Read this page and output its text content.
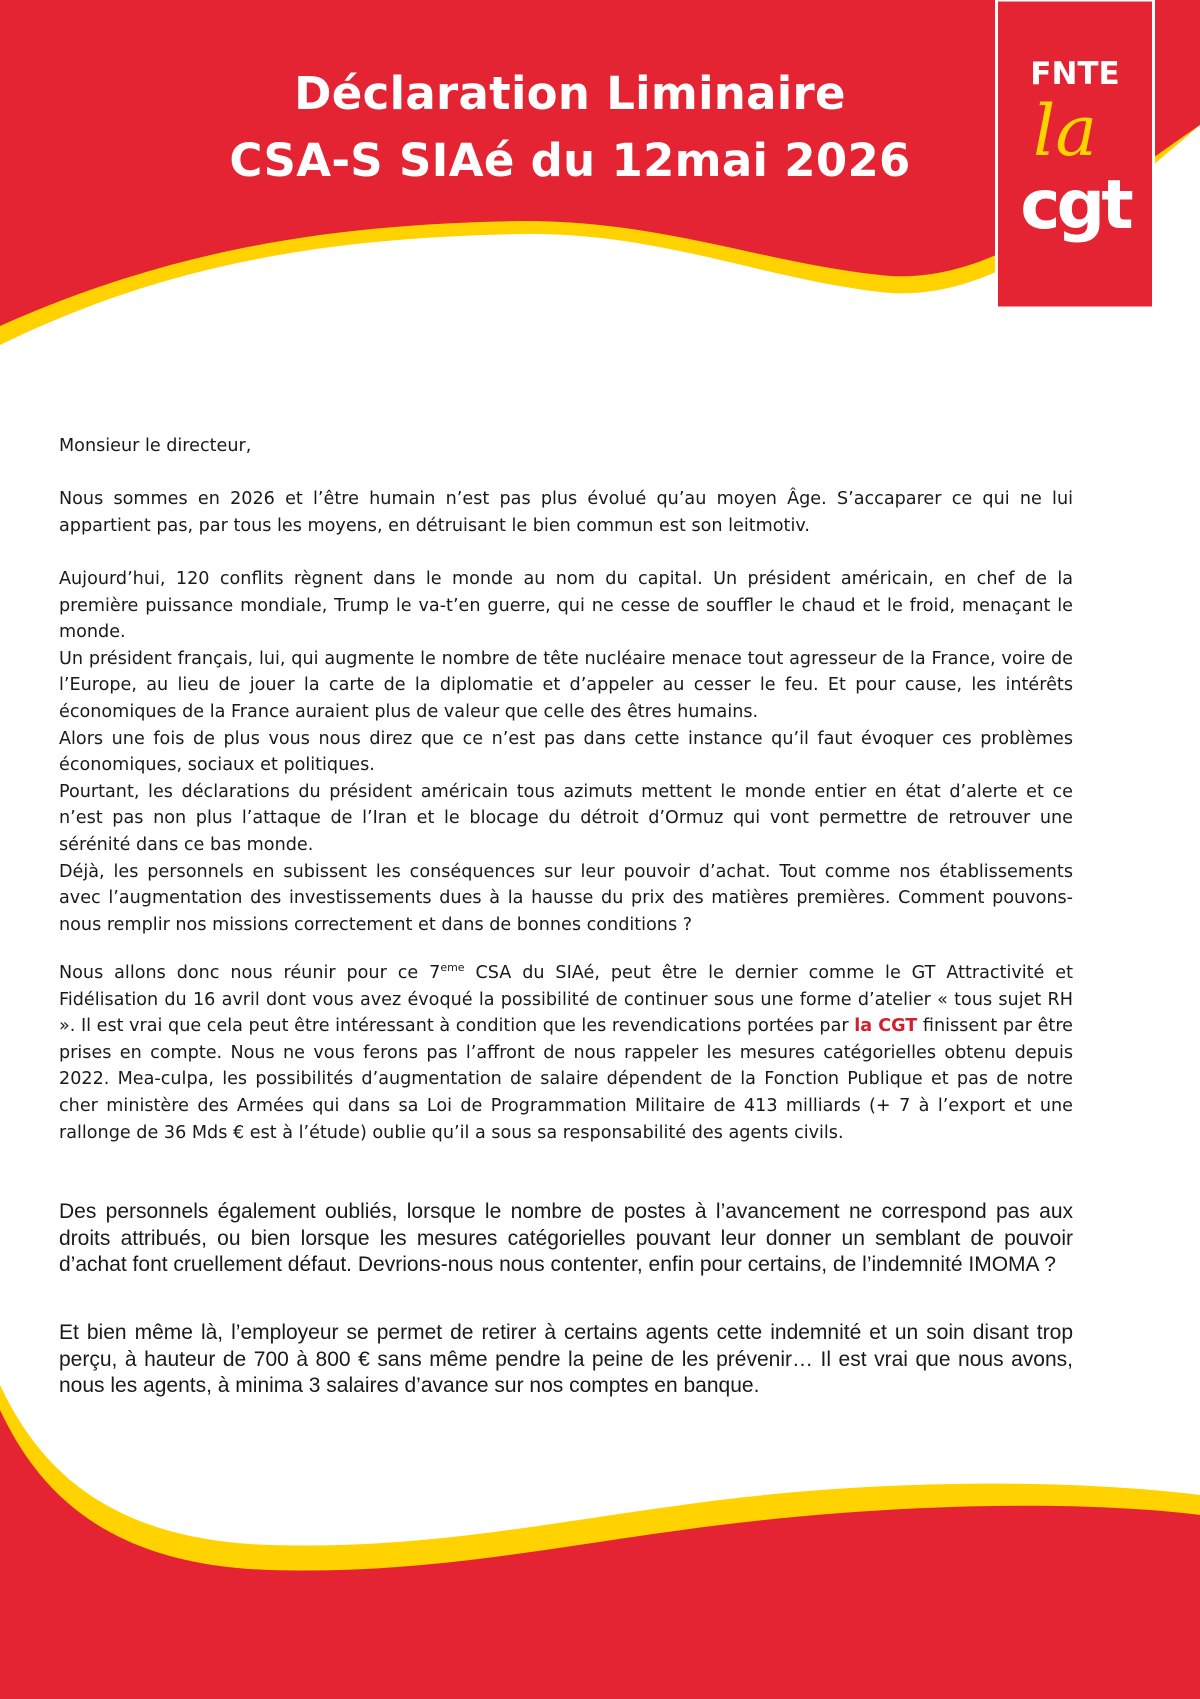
Déclaration Liminaire
CSA-S SIAé du 12mai 2026
FNTE
la
cgt
Monsieur le directeur,

Nous sommes en 2026 et l’être humain n’est pas plus évolué qu’au moyen Âge. S’accaparer ce qui ne lui appartient pas, par tous les moyens, en détruisant le bien commun est son leitmotiv.

Aujourd’hui, 120 conflits règnent dans le monde au nom du capital. Un président américain, en chef de la première puissance mondiale, Trump le va-t’en guerre, qui ne cesse de souffler le chaud et le froid, menaçant le monde.

Un président français, lui, qui augmente le nombre de tête nucléaire menace tout agresseur de la France, voire de l’Europe, au lieu de jouer la carte de la diplomatie et d’appeler au cesser le feu. Et pour cause, les intérêts économiques de la France auraient plus de valeur que celle des êtres humains.

Alors une fois de plus vous nous direz que ce n’est pas dans cette instance qu’il faut évoquer ces problèmes économiques, sociaux et politiques.

Pourtant, les déclarations du président américain tous azimuts mettent le monde entier en état d’alerte et ce n’est pas non plus l’attaque de l’Iran et le blocage du détroit d’Ormuz qui vont permettre de retrouver une sérénité dans ce bas monde.

Déjà, les personnels en subissent les conséquences sur leur pouvoir d’achat. Tout comme nos établissements avec l’augmentation des investissements dues à la hausse du prix des matières premières. Comment pouvons-nous remplir nos missions correctement et dans de bonnes conditions ?

Nous allons donc nous réunir pour ce 7eme CSA du SIAé, peut être le dernier comme le GT Attractivité et Fidélisation du 16 avril dont vous avez évoqué la possibilité de continuer sous une forme d’atelier « tous sujet RH ». Il est vrai que cela peut être intéressant à condition que les revendications portées par la CGT finissent par être prises en compte. Nous ne vous ferons pas l’affront de nous rappeler les mesures catégorielles obtenu depuis 2022. Mea-culpa, les possibilités d’augmentation de salaire dépendent de la Fonction Publique et pas de notre cher ministère des Armées qui dans sa Loi de Programmation Militaire de 413 milliards (+ 7 à l’export et une rallonge de 36 Mds € est à l’étude) oublie qu’il a sous sa responsabilité des agents civils.

Des personnels également oubliés, lorsque le nombre de postes à l’avancement ne correspond pas aux droits attribués, ou bien lorsque les mesures catégorielles pouvant leur donner un semblant de pouvoir d’achat font cruellement défaut. Devrions-nous nous contenter, enfin pour certains, de l’indemnité IMOMA ?

Et bien même là, l’employeur se permet de retirer à certains agents cette indemnité et un soin disant trop perçu, à hauteur de 700 à 800 € sans même pendre la peine de les prévenir… Il est vrai que nous avons, nous les agents, à minima 3 salaires d’avance sur nos comptes en banque.
